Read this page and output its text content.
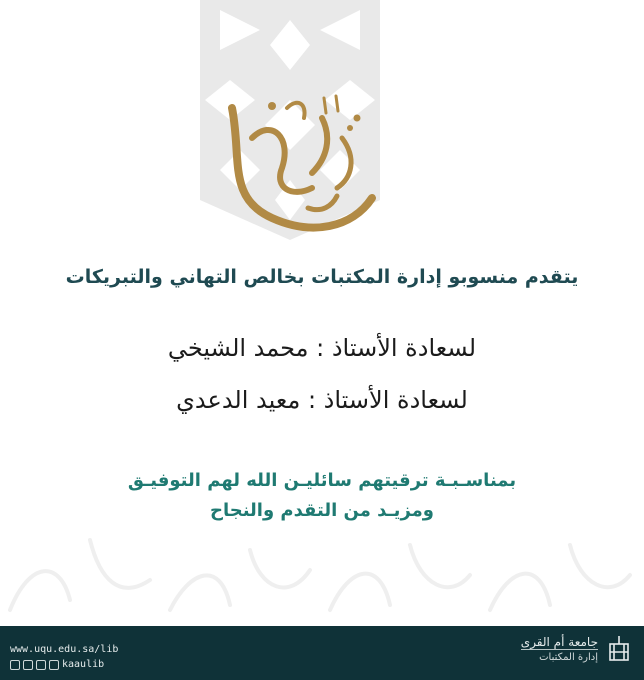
يتقدم منسوبو إدارة المكتبات بخالص التهاني والتبريكات
لسعادة الأستاذ : محمد الشيخي
لسعادة الأستاذ : معيد الدعدي
بمناسـبـة ترقيتهم سائليـن الله لهم التوفيـق
ومزيـد من التقدم والنجاح
www.uqu.edu.sa/lib
kaaulib
جامعة أم القرى
إدارة المكتبات
